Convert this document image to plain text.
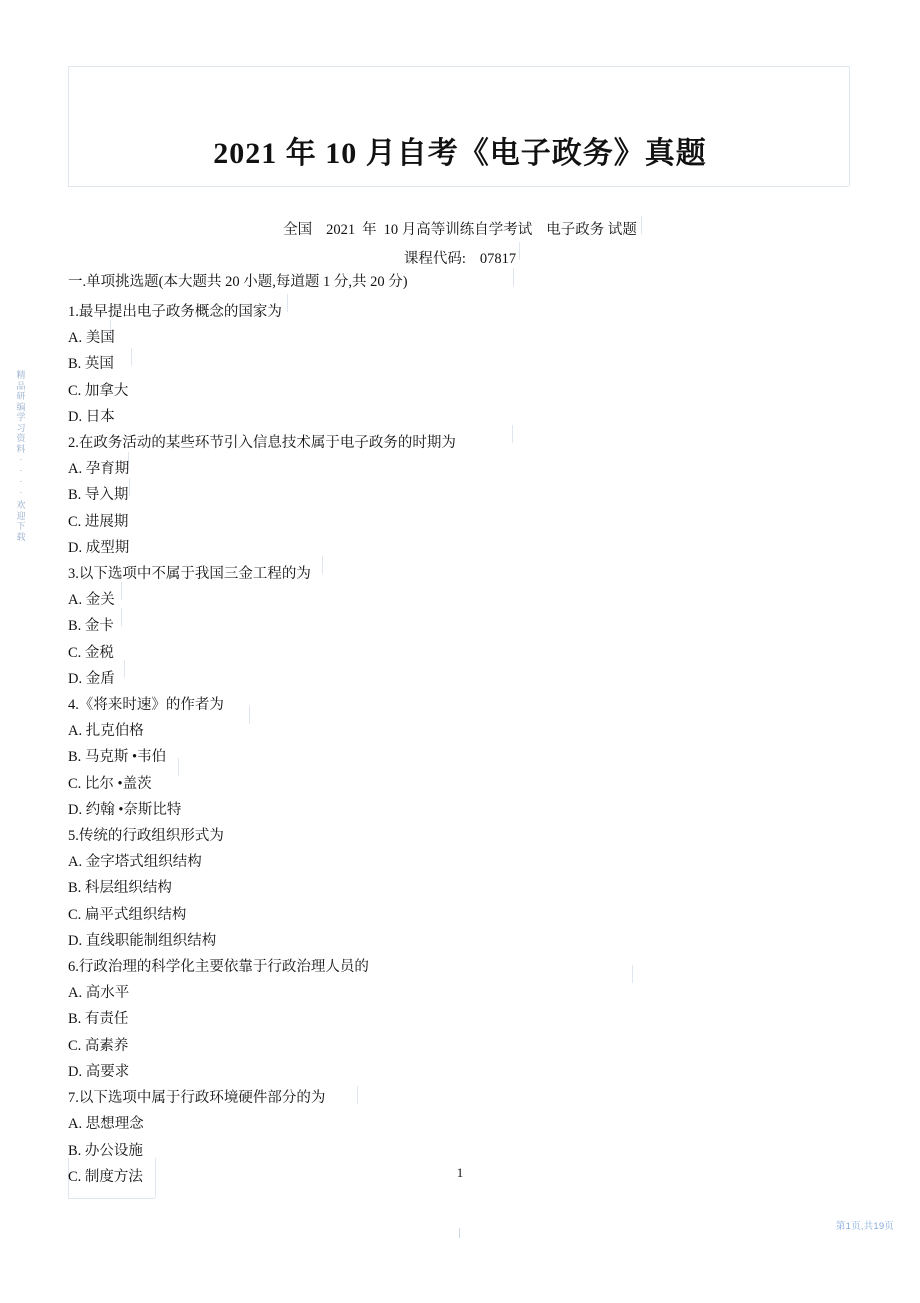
2021 年 10 月自考《电子政务》真题
全国 2021 年 10 月高等训练自学考试 电子政务 试题
课程代码: 07817
一.单项挑选题(本大题共 20 小题,每道题 1 分,共 20 分)
1.最早提出电子政务概念的国家为
A. 美国
B. 英国
C. 加拿大
D. 日本
2.在政务活动的某些环节引入信息技术属于电子政务的时期为
A. 孕育期
B. 导入期
C. 进展期
D. 成型期
3.以下选项中不属于我国三金工程的为
A. 金关
B. 金卡
C. 金税
D. 金盾
4.《将来时速》的作者为
A. 扎克伯格
B. 马克斯 •韦伯
C. 比尔 •盖茨
D. 约翰 •奈斯比特
5.传统的行政组织形式为
A. 金字塔式组织结构
B. 科层组织结构
C. 扁平式组织结构
D. 直线职能制组织结构
6.行政治理的科学化主要依靠于行政治理人员的
A. 高水平
B. 有责任
C. 高素养
D. 高要求
7.以下选项中属于行政环境硬件部分的为
A. 思想理念
B. 办公设施
C. 制度方法
精
品
研
编
学
习
资
料
·
·
·
·
欢
迎
下
载
1
第1页,共19页
